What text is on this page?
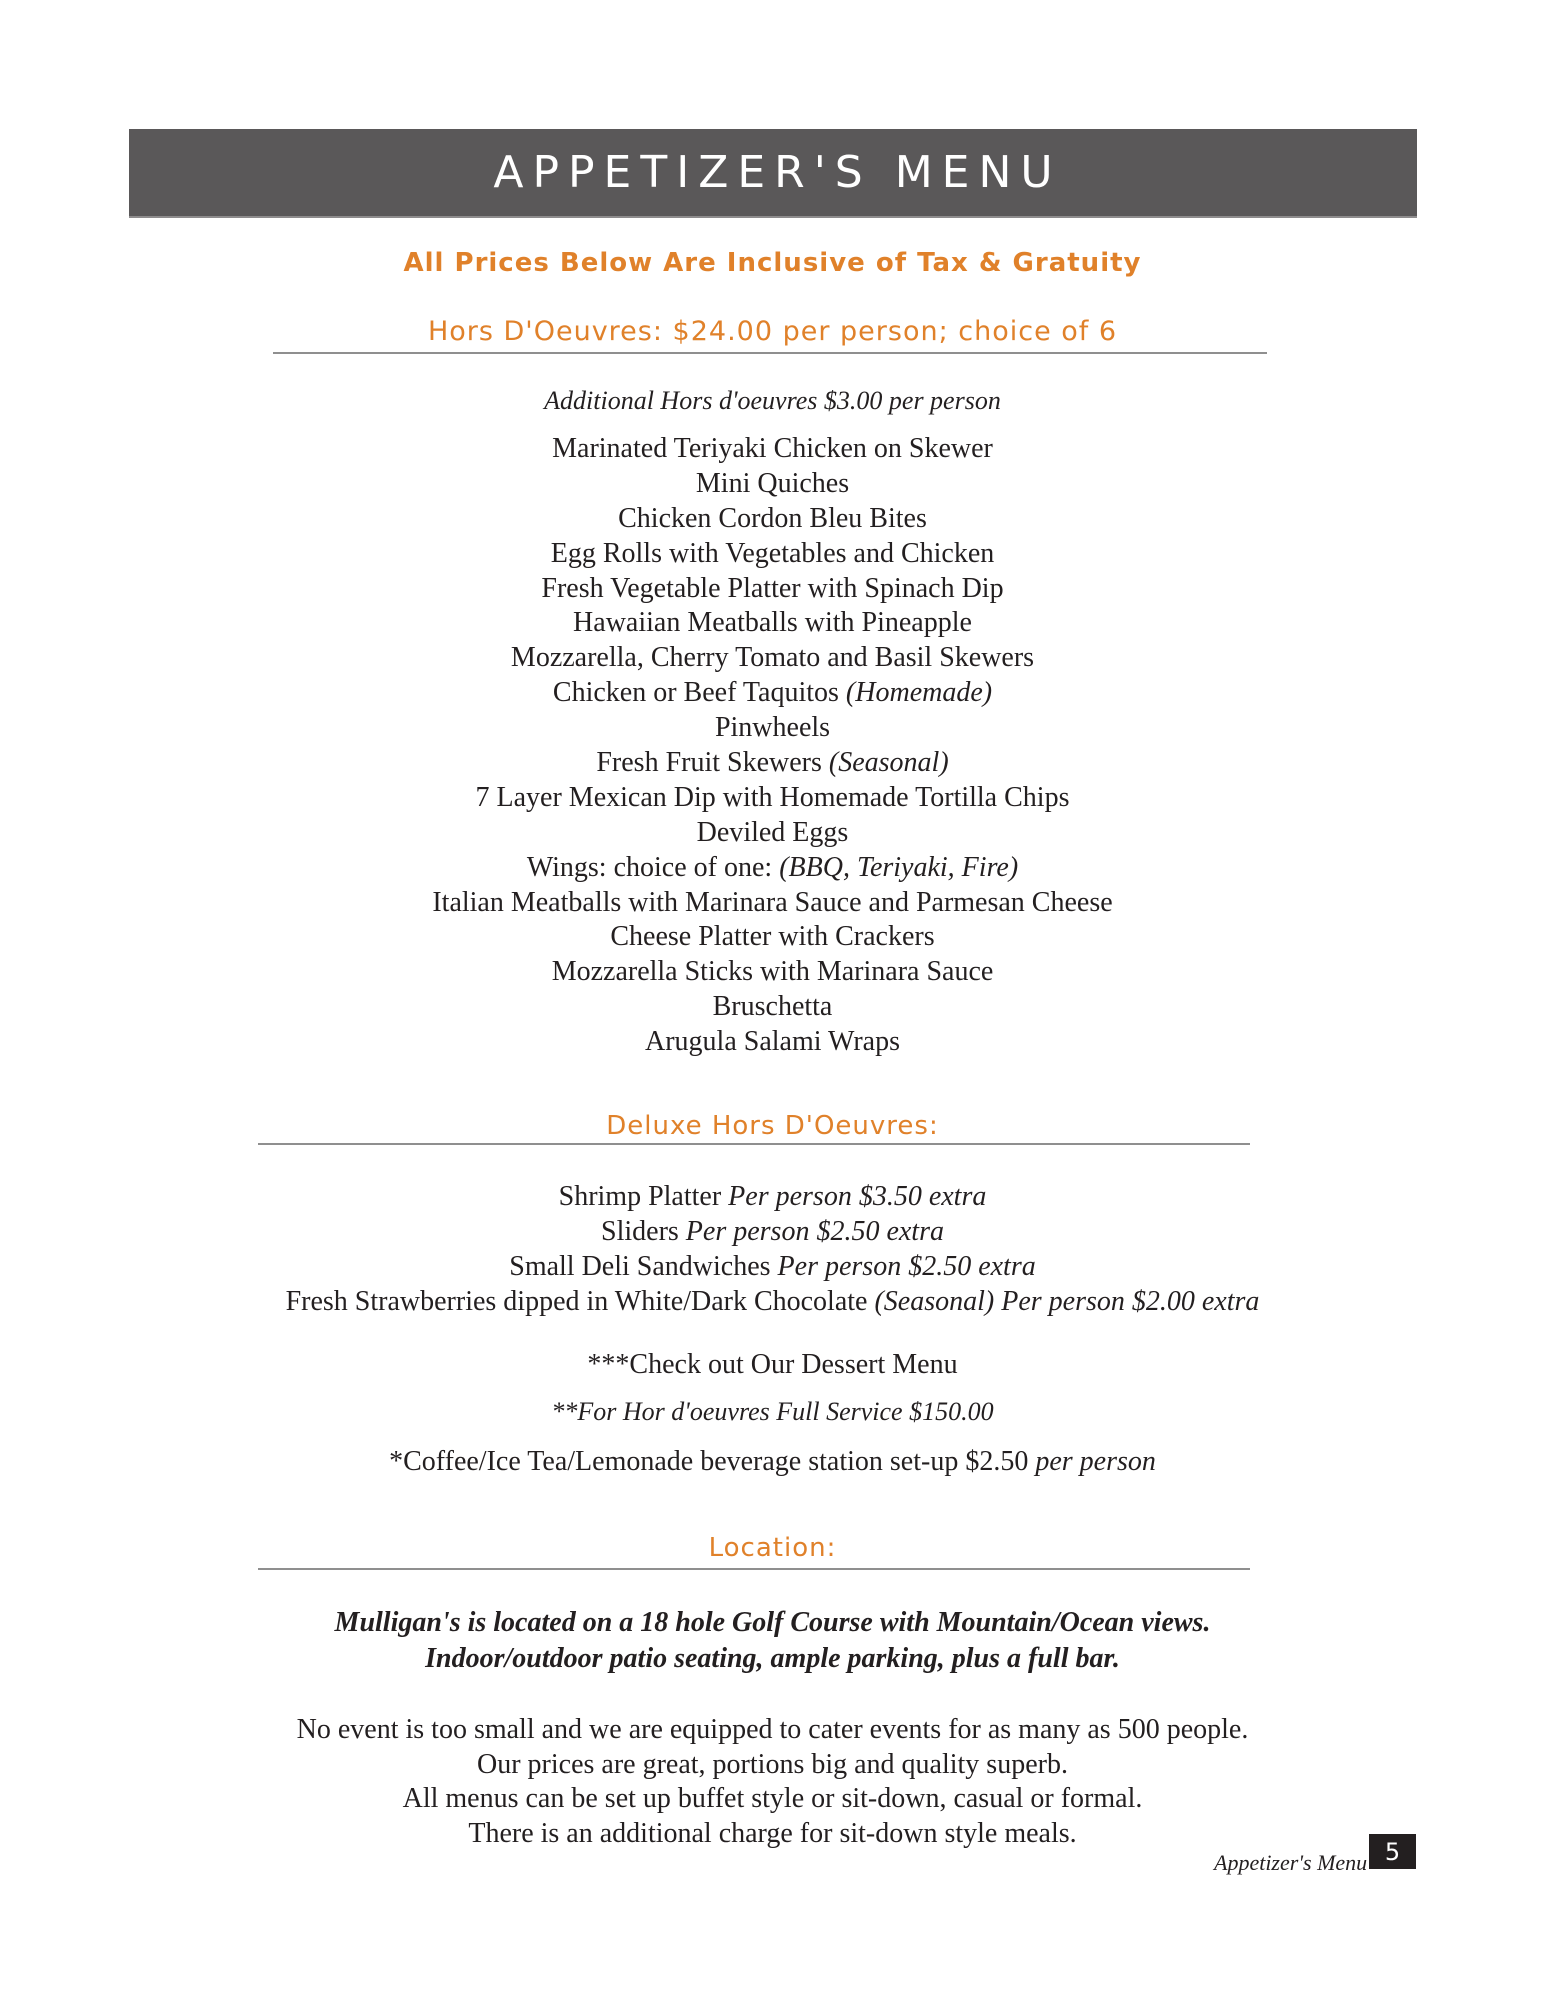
APPETIZER'S MENU
All Prices Below Are Inclusive of Tax & Gratuity
Hors D'Oeuvres: $24.00 per person; choice of 6
Additional Hors d'oeuvres $3.00 per person
Marinated Teriyaki Chicken on Skewer
Mini Quiches
Chicken Cordon Bleu Bites
Egg Rolls with Vegetables and Chicken
Fresh Vegetable Platter with Spinach Dip
Hawaiian Meatballs with Pineapple
Mozzarella, Cherry Tomato and Basil Skewers
Chicken or Beef Taquitos (Homemade)
Pinwheels
Fresh Fruit Skewers (Seasonal)
7 Layer Mexican Dip with Homemade Tortilla Chips
Deviled Eggs
Wings: choice of one: (BBQ, Teriyaki, Fire)
Italian Meatballs with Marinara Sauce and Parmesan Cheese
Cheese Platter with Crackers
Mozzarella Sticks with Marinara Sauce
Bruschetta
Arugula Salami Wraps
Deluxe Hors D'Oeuvres:
Shrimp Platter Per person $3.50 extra
Sliders Per person $2.50 extra
Small Deli Sandwiches Per person $2.50 extra
Fresh Strawberries dipped in White/Dark Chocolate (Seasonal) Per person $2.00 extra
***Check out Our Dessert Menu
**For Hor d'oeuvres Full Service $150.00
*Coffee/Ice Tea/Lemonade beverage station set-up $2.50 per person
Location:
Mulligan's is located on a 18 hole Golf Course with Mountain/Ocean views.
Indoor/outdoor patio seating, ample parking, plus a full bar.
No event is too small and we are equipped to cater events for as many as 500 people.
Our prices are great, portions big and quality superb.
All menus can be set up buffet style or sit-down, casual or formal.
There is an additional charge for sit-down style meals.
Appetizer's Menu 5
